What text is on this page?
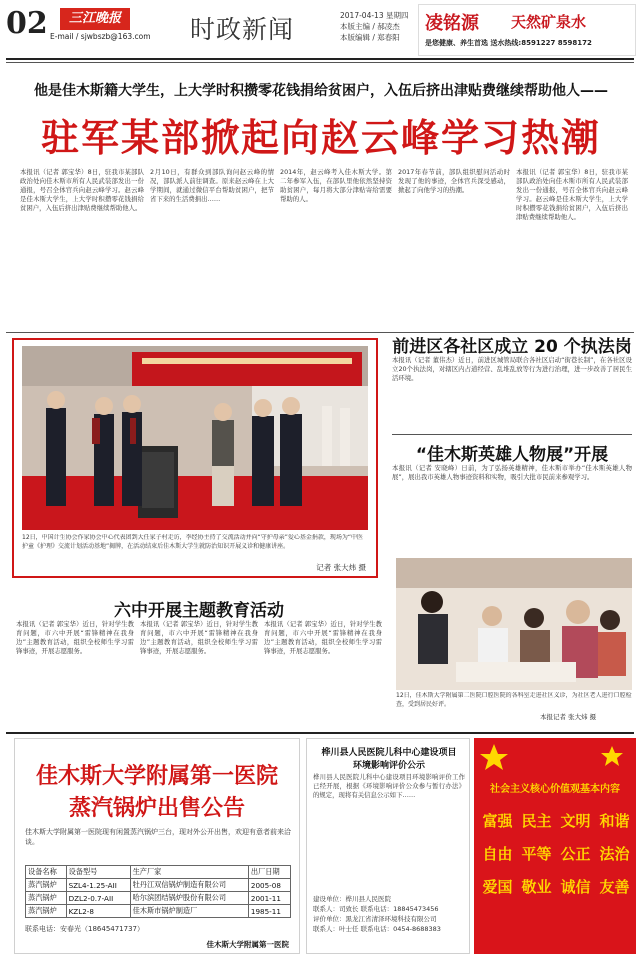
02	三江晚报
E-mail / sjwbszb@163.com 时政新闻	2017-04-13 星期四
本版主编 / 郝凌杰
本版编辑 / 郑春阳
凌铭源 天然矿泉水
是您健康、养生首选 送水热线:8591227 8598172
他是佳木斯籍大学生，上大学时积攒零花钱捐给贫困户，入伍后挤出津贴费继续帮助他人——
驻军某部掀起向赵云峰学习热潮
本报讯（记者 郭宝华）8日，驻我市某部队政治处向佳木斯市所有人民武装部发出一份通报，号召全体官兵向赵云峰学习。赵云峰是佳木斯大学生，上大学时积攒零花钱捐给贫困户，入伍后挤出津贴费继续帮助他人。
2月10日，有群众到部队询问赵云峰的情况，部队派人前往调查。原来赵云峰在上大学期间，就通过微信平台帮助贫困户，把节省下来的生活费捐出……
2014年，赵云峰考入佳木斯大学。第二年参军入伍，在部队里他依然坚持资助贫困户，每月将大部分津贴寄给需要帮助的人。
2017年春节前，部队组织慰问活动时发现了他的事迹，全体官兵深受感动，掀起了向他学习的热潮。
本报讯（记者 郭宝华）8日，驻我市某部队政治处向佳木斯市所有人民武装部发出一份通报，号召全体官兵向赵云峰学习。赵云峰是佳木斯大学生，上大学时积攒零花钱捐给贫困户，入伍后挤出津贴费继续帮助他人。
12日，中国计生协会作家协会中心代表团到大任家子村走访，李经协主持了交流活动并向“守护母亲”爱心基金捐款，现场为“中医护童《护理》交流计划活动基地”揭牌，在活动结束后佳木斯大学生就防治知识开展义诊和健康讲座。
记者 张大炜 摄
前进区各社区成立 20 个执法岗
本报讯（记者 董伟杰）近日，前进区城管局联合各社区启动“街巷长制”，在各社区设立20个执法岗，对辖区内占道经营、乱堆乱放等行为进行治理，进一步改善了居民生活环境。
“佳木斯英雄人物展”开展
本报讯（记者 安晓峰）日前，为了弘扬英雄精神，佳木斯市举办“佳木斯英雄人物展”，展出我市英雄人物事迹资料和实物，吸引大批市民前来参观学习。
12日，佳木斯大学附属第二医院口腔医院的各科室走进社区义诊，为社区老人进行口腔检查，受到居民好评。
本报记者 张大炜 摄
六中开展主题教育活动
本报讯（记者 郭宝华）近日，针对学生教育问题，市六中开展“雷锋精神在我身边”主题教育活动，组织全校师生学习雷锋事迹，开展志愿服务。
本报讯（记者 郭宝华）近日，针对学生教育问题，市六中开展“雷锋精神在我身边”主题教育活动，组织全校师生学习雷锋事迹，开展志愿服务。
本报讯（记者 郭宝华）近日，针对学生教育问题，市六中开展“雷锋精神在我身边”主题教育活动，组织全校师生学习雷锋事迹，开展志愿服务。
佳木斯大学附属第一医院
蒸汽锅炉出售公告
佳木斯大学附属第一医院现有闲置蒸汽锅炉三台，现对外公开出售，欢迎有意者前来洽谈。
设备名称	设备型号	生产厂家	出厂日期
蒸汽锅炉	SZL4-1.25-AII	牡丹江双信锅炉制造有限公司	2005-08
蒸汽锅炉	DZL2-0.7-AII	哈尔滨团结锅炉股份有限公司	2001-11
蒸汽锅炉	KZL2-8	佳木斯市锅炉制造厂	1985-11
联系电话：安春光（18645471737）
佳木斯大学附属第一医院
桦川县人民医院儿科中心建设项目
环境影响评价公示
桦川县人民医院儿科中心建设项目环境影响评价工作已经开展，根据《环境影响评价公众参与暂行办法》的规定，现将有关信息公示如下……
建设单位：桦川县人民医院
联系人：司致长 联系电话：18845473456
评价单位：黑龙江省清泽环境科技有限公司
联系人：叶士任 联系电话：0454-8688383
社会主义核心价值观基本内容
富强 民主 文明 和谐
自由 平等 公正 法治
爱国 敬业 诚信 友善
